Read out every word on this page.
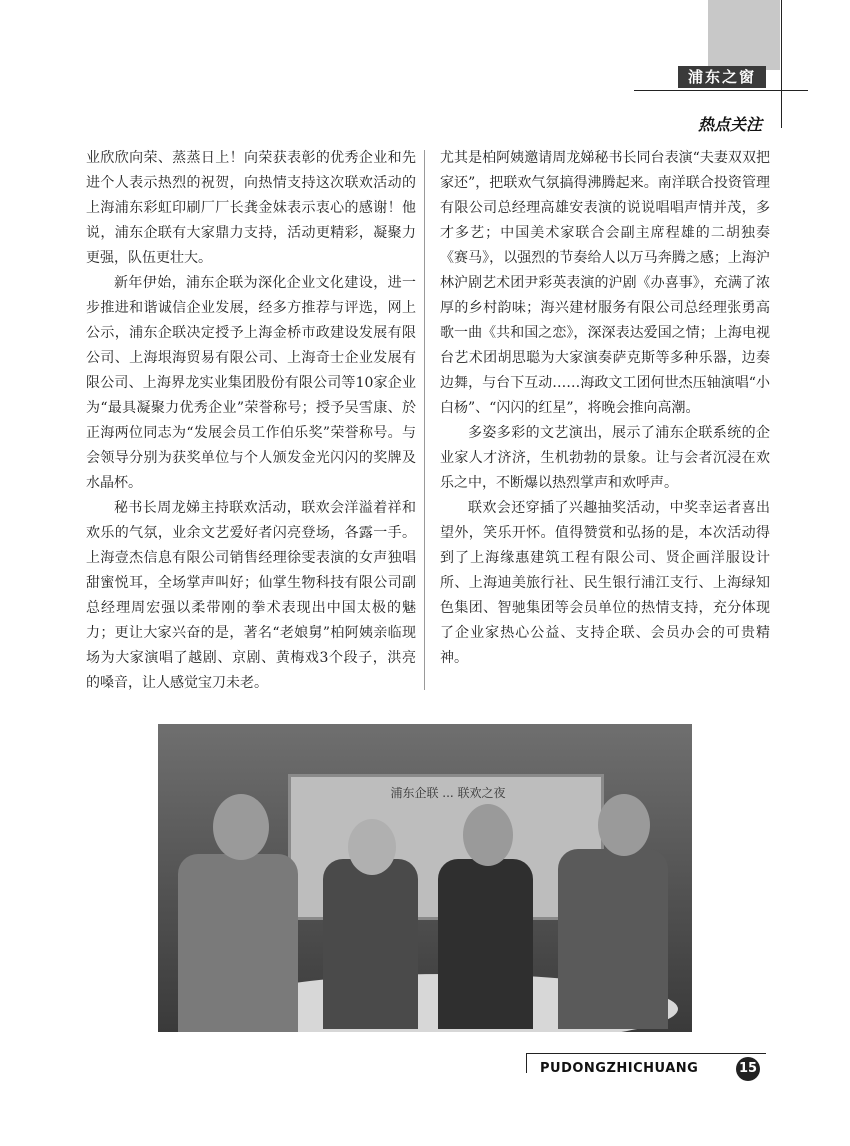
浦东之窗
热点关注

业欣欣向荣、蒸蒸日上！向荣获表彰的优秀企业和先进个人表示热烈的祝贺，向热情支持这次联欢活动的上海浦东彩虹印刷厂厂长龚金妹表示衷心的感谢！他说，浦东企联有大家鼎力支持，活动更精彩，凝聚力更强，队伍更壮大。

新年伊始，浦东企联为深化企业文化建设，进一步推进和谐诚信企业发展，经多方推荐与评选，网上公示，浦东企联决定授予上海金桥市政建设发展有限公司、上海垠海贸易有限公司、上海奇士企业发展有限公司、上海界龙实业集团股份有限公司等10家企业为“最具凝聚力优秀企业”荣誉称号；授予吴雪康、於正海两位同志为“发展会员工作伯乐奖”荣誉称号。与会领导分别为获奖单位与个人颁发金光闪闪的奖牌及水晶杯。

秘书长周龙娣主持联欢活动，联欢会洋溢着祥和欢乐的气氛，业余文艺爱好者闪亮登场，各露一手。上海壹杰信息有限公司销售经理徐雯表演的女声独唱甜蜜悦耳，全场掌声叫好；仙掌生物科技有限公司副总经理周宏强以柔带刚的拳术表现出中国太极的魅力；更让大家兴奋的是，著名“老娘舅”柏阿姨亲临现场为大家演唱了越剧、京剧、黄梅戏3个段子，洪亮的嗓音，让人感觉宝刀未老。

尤其是柏阿姨邀请周龙娣秘书长同台表演“夫妻双双把家还”，把联欢气氛搞得沸腾起来。南洋联合投资管理有限公司总经理高雄安表演的说说唱唱声情并茂，多才多艺；中国美术家联合会副主席程雄的二胡独奏《赛马》，以强烈的节奏给人以万马奔腾之感；上海沪林沪剧艺术团尹彩英表演的沪剧《办喜事》，充满了浓厚的乡村韵味；海兴建材服务有限公司总经理张勇高歌一曲《共和国之恋》，深深表达爱国之情；上海电视台艺术团胡思聪为大家演奏萨克斯等多种乐器，边奏边舞，与台下互动……海政文工团何世杰压轴演唱“小白杨”、“闪闪的红星”，将晚会推向高潮。

多姿多彩的文艺演出，展示了浦东企联系统的企业家人才济济，生机勃勃的景象。让与会者沉浸在欢乐之中，不断爆以热烈掌声和欢呼声。

联欢会还穿插了兴趣抽奖活动，中奖幸运者喜出望外，笑乐开怀。值得赞赏和弘扬的是，本次活动得到了上海缘惠建筑工程有限公司、贤企画洋服设计所、上海迪美旅行社、民生银行浦江支行、上海绿知色集团、智驰集团等会员单位的热情支持，充分体现了企业家热心公益、支持企联、会员办会的可贵精神。

浦东企联 ... 联欢之夜
PUDONGZHICHUANG	15
